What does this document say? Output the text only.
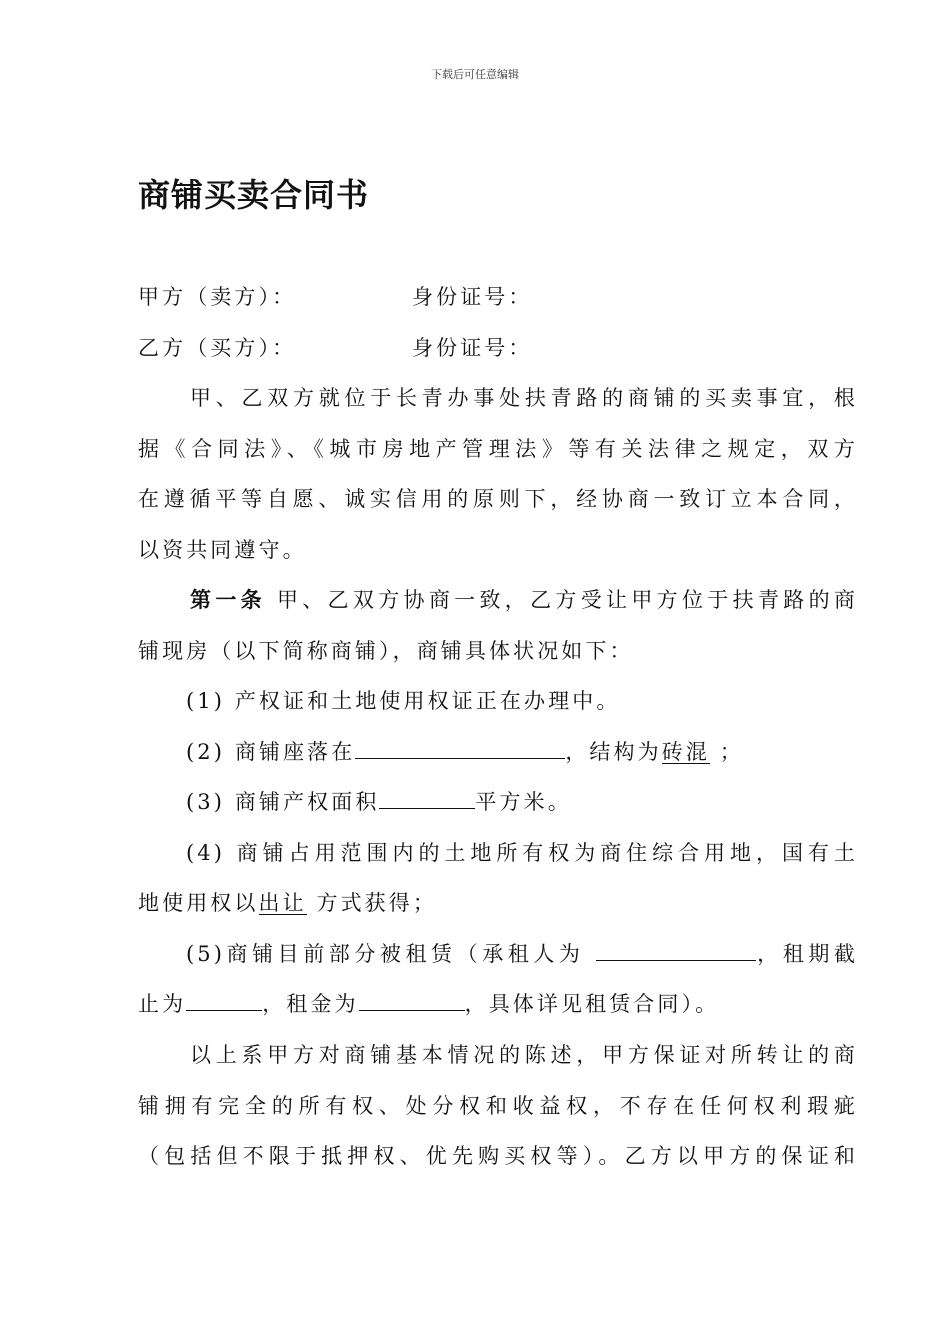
下载后可任意编辑
商铺买卖合同书
甲方（卖方）：	身份证号：
乙方（买方）：	身份证号：
甲、乙双方就位于长青办事处扶青路的商铺的买卖事宜，根
据《合同法》、《城市房地产管理法》等有关法律之规定，双方
在遵循平等自愿、诚实信用的原则下，经协商一致订立本合同，
以资共同遵守。
第一条 甲、乙双方协商一致，乙方受让甲方位于扶青路的商
铺现房（以下简称商铺），商铺具体状况如下：
(1) 产权证和土地使用权证正在办理中。
(2) 商铺座落在	，结构为砖混 ；
(3) 商铺产权面积	平方米。
(4) 商铺占用范围内的土地所有权为商住综合用地，国有土
地使用权以出让 方式获得；
(5)商铺目前部分被租赁（承租人为	，租期截
止为	，租金为	，具体详见租赁合同）。
以上系甲方对商铺基本情况的陈述，甲方保证对所转让的商
铺拥有完全的所有权、处分权和收益权，不存在任何权利瑕疵
（包括但不限于抵押权、优先购买权等）。乙方以甲方的保证和
